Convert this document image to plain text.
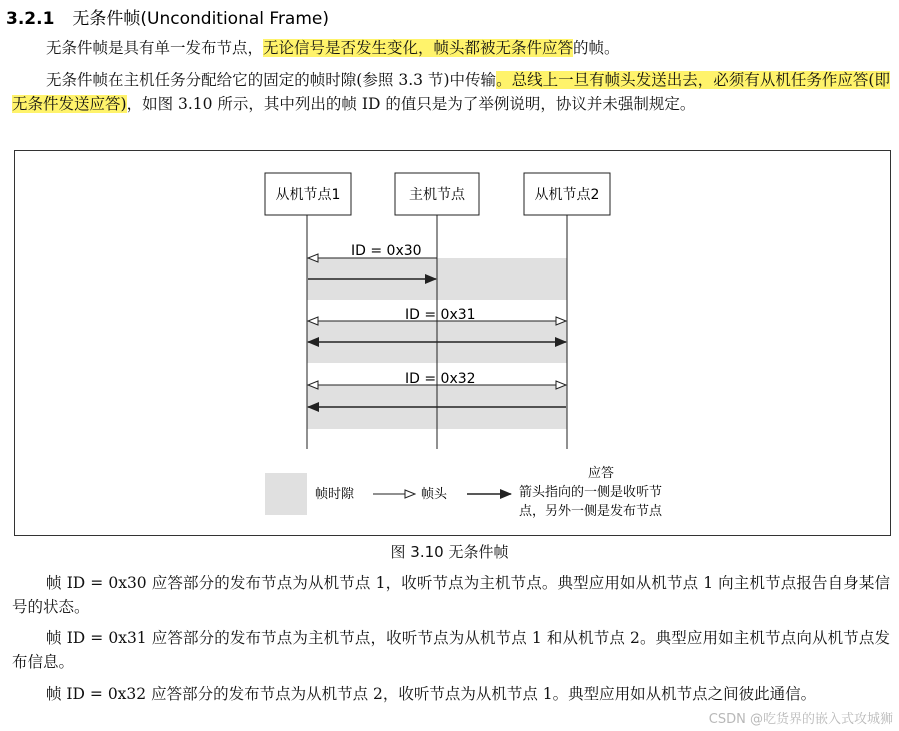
3.2.1 无条件帧(Unconditional Frame)
无条件帧是具有单一发布节点，无论信号是否发生变化，帧头都被无条件应答的帧。
无条件帧在主机任务分配给它的固定的帧时隙(参照 3.3 节)中传输。总线上一旦有帧头发送出去，必须有从机任务作应答(即无条件发送应答)，如图 3.10 所示，其中列出的帧 ID 的值只是为了举例说明，协议并未强制规定。
从机节点1	主机节点	从机节点2
ID = 0x30
ID = 0x31
ID = 0x32
帧时隙	帧头
应答
箭头指向的一侧是收听节
点，另外一侧是发布节点
图 3.10 无条件帧
帧 ID = 0x30 应答部分的发布节点为从机节点 1，收听节点为主机节点。典型应用如从机节点 1 向主机节点报告自身某信号的状态。
帧 ID = 0x31 应答部分的发布节点为主机节点，收听节点为从机节点 1 和从机节点 2。典型应用如主机节点向从机节点发布信息。
帧 ID = 0x32 应答部分的发布节点为从机节点 2，收听节点为从机节点 1。典型应用如从机节点之间彼此通信。
CSDN @吃货界的嵌入式攻城狮
